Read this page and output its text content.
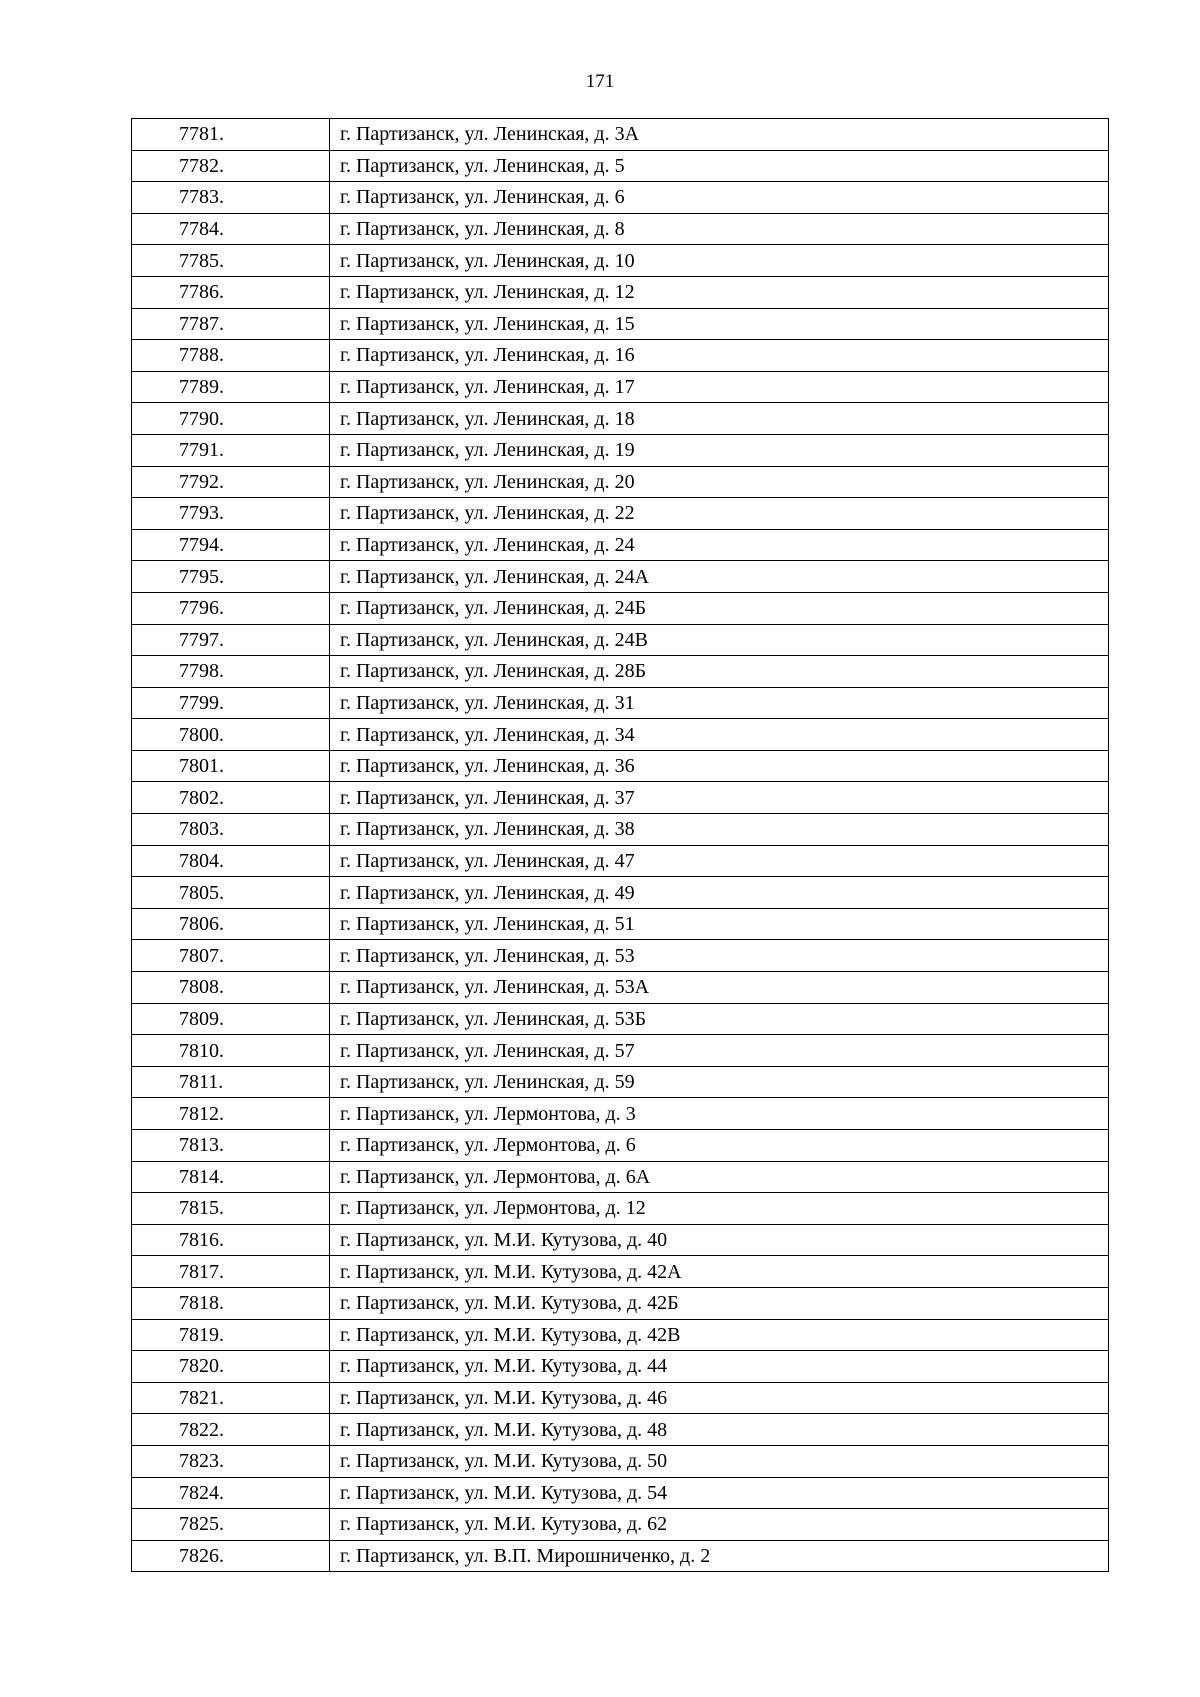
171
7781.	г. Партизанск, ул. Ленинская, д. 3А
7782.	г. Партизанск, ул. Ленинская, д. 5
7783.	г. Партизанск, ул. Ленинская, д. 6
7784.	г. Партизанск, ул. Ленинская, д. 8
7785.	г. Партизанск, ул. Ленинская, д. 10
7786.	г. Партизанск, ул. Ленинская, д. 12
7787.	г. Партизанск, ул. Ленинская, д. 15
7788.	г. Партизанск, ул. Ленинская, д. 16
7789.	г. Партизанск, ул. Ленинская, д. 17
7790.	г. Партизанск, ул. Ленинская, д. 18
7791.	г. Партизанск, ул. Ленинская, д. 19
7792.	г. Партизанск, ул. Ленинская, д. 20
7793.	г. Партизанск, ул. Ленинская, д. 22
7794.	г. Партизанск, ул. Ленинская, д. 24
7795.	г. Партизанск, ул. Ленинская, д. 24А
7796.	г. Партизанск, ул. Ленинская, д. 24Б
7797.	г. Партизанск, ул. Ленинская, д. 24В
7798.	г. Партизанск, ул. Ленинская, д. 28Б
7799.	г. Партизанск, ул. Ленинская, д. 31
7800.	г. Партизанск, ул. Ленинская, д. 34
7801.	г. Партизанск, ул. Ленинская, д. 36
7802.	г. Партизанск, ул. Ленинская, д. 37
7803.	г. Партизанск, ул. Ленинская, д. 38
7804.	г. Партизанск, ул. Ленинская, д. 47
7805.	г. Партизанск, ул. Ленинская, д. 49
7806.	г. Партизанск, ул. Ленинская, д. 51
7807.	г. Партизанск, ул. Ленинская, д. 53
7808.	г. Партизанск, ул. Ленинская, д. 53А
7809.	г. Партизанск, ул. Ленинская, д. 53Б
7810.	г. Партизанск, ул. Ленинская, д. 57
7811.	г. Партизанск, ул. Ленинская, д. 59
7812.	г. Партизанск, ул. Лермонтова, д. 3
7813.	г. Партизанск, ул. Лермонтова, д. 6
7814.	г. Партизанск, ул. Лермонтова, д. 6А
7815.	г. Партизанск, ул. Лермонтова, д. 12
7816.	г. Партизанск, ул. М.И. Кутузова, д. 40
7817.	г. Партизанск, ул. М.И. Кутузова, д. 42А
7818.	г. Партизанск, ул. М.И. Кутузова, д. 42Б
7819.	г. Партизанск, ул. М.И. Кутузова, д. 42В
7820.	г. Партизанск, ул. М.И. Кутузова, д. 44
7821.	г. Партизанск, ул. М.И. Кутузова, д. 46
7822.	г. Партизанск, ул. М.И. Кутузова, д. 48
7823.	г. Партизанск, ул. М.И. Кутузова, д. 50
7824.	г. Партизанск, ул. М.И. Кутузова, д. 54
7825.	г. Партизанск, ул. М.И. Кутузова, д. 62
7826.	г. Партизанск, ул. В.П. Мирошниченко, д. 2
